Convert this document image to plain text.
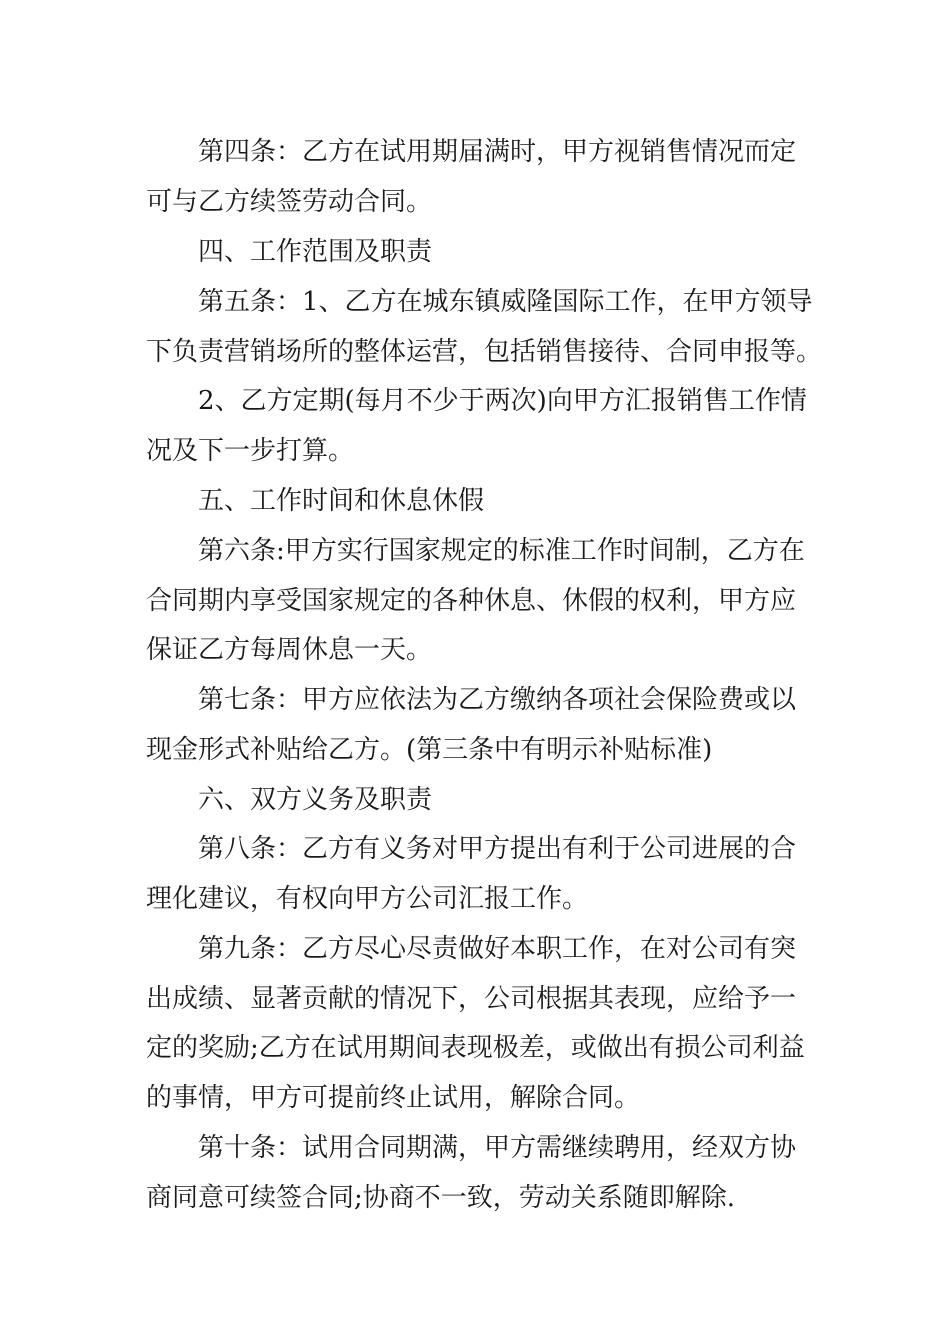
第四条：乙方在试用期届满时，甲方视销售情况而定
可与乙方续签劳动合同。
四、工作范围及职责
第五条：1、乙方在城东镇威隆国际工作，在甲方领导
下负责营销场所的整体运营，包括销售接待、合同申报等。
2、乙方定期(每月不少于两次)向甲方汇报销售工作情
况及下一步打算。
五、工作时间和休息休假
第六条:甲方实行国家规定的标准工作时间制，乙方在
合同期内享受国家规定的各种休息、休假的权利，甲方应
保证乙方每周休息一天。
第七条：甲方应依法为乙方缴纳各项社会保险费或以
现金形式补贴给乙方。(第三条中有明示补贴标准)
六、双方义务及职责
第八条：乙方有义务对甲方提出有利于公司进展的合
理化建议，有权向甲方公司汇报工作。
第九条：乙方尽心尽责做好本职工作，在对公司有突
出成绩、显著贡献的情况下，公司根据其表现，应给予一
定的奖励;乙方在试用期间表现极差，或做出有损公司利益
的事情，甲方可提前终止试用，解除合同。
第十条：试用合同期满，甲方需继续聘用，经双方协
商同意可续签合同;协商不一致，劳动关系随即解除.
